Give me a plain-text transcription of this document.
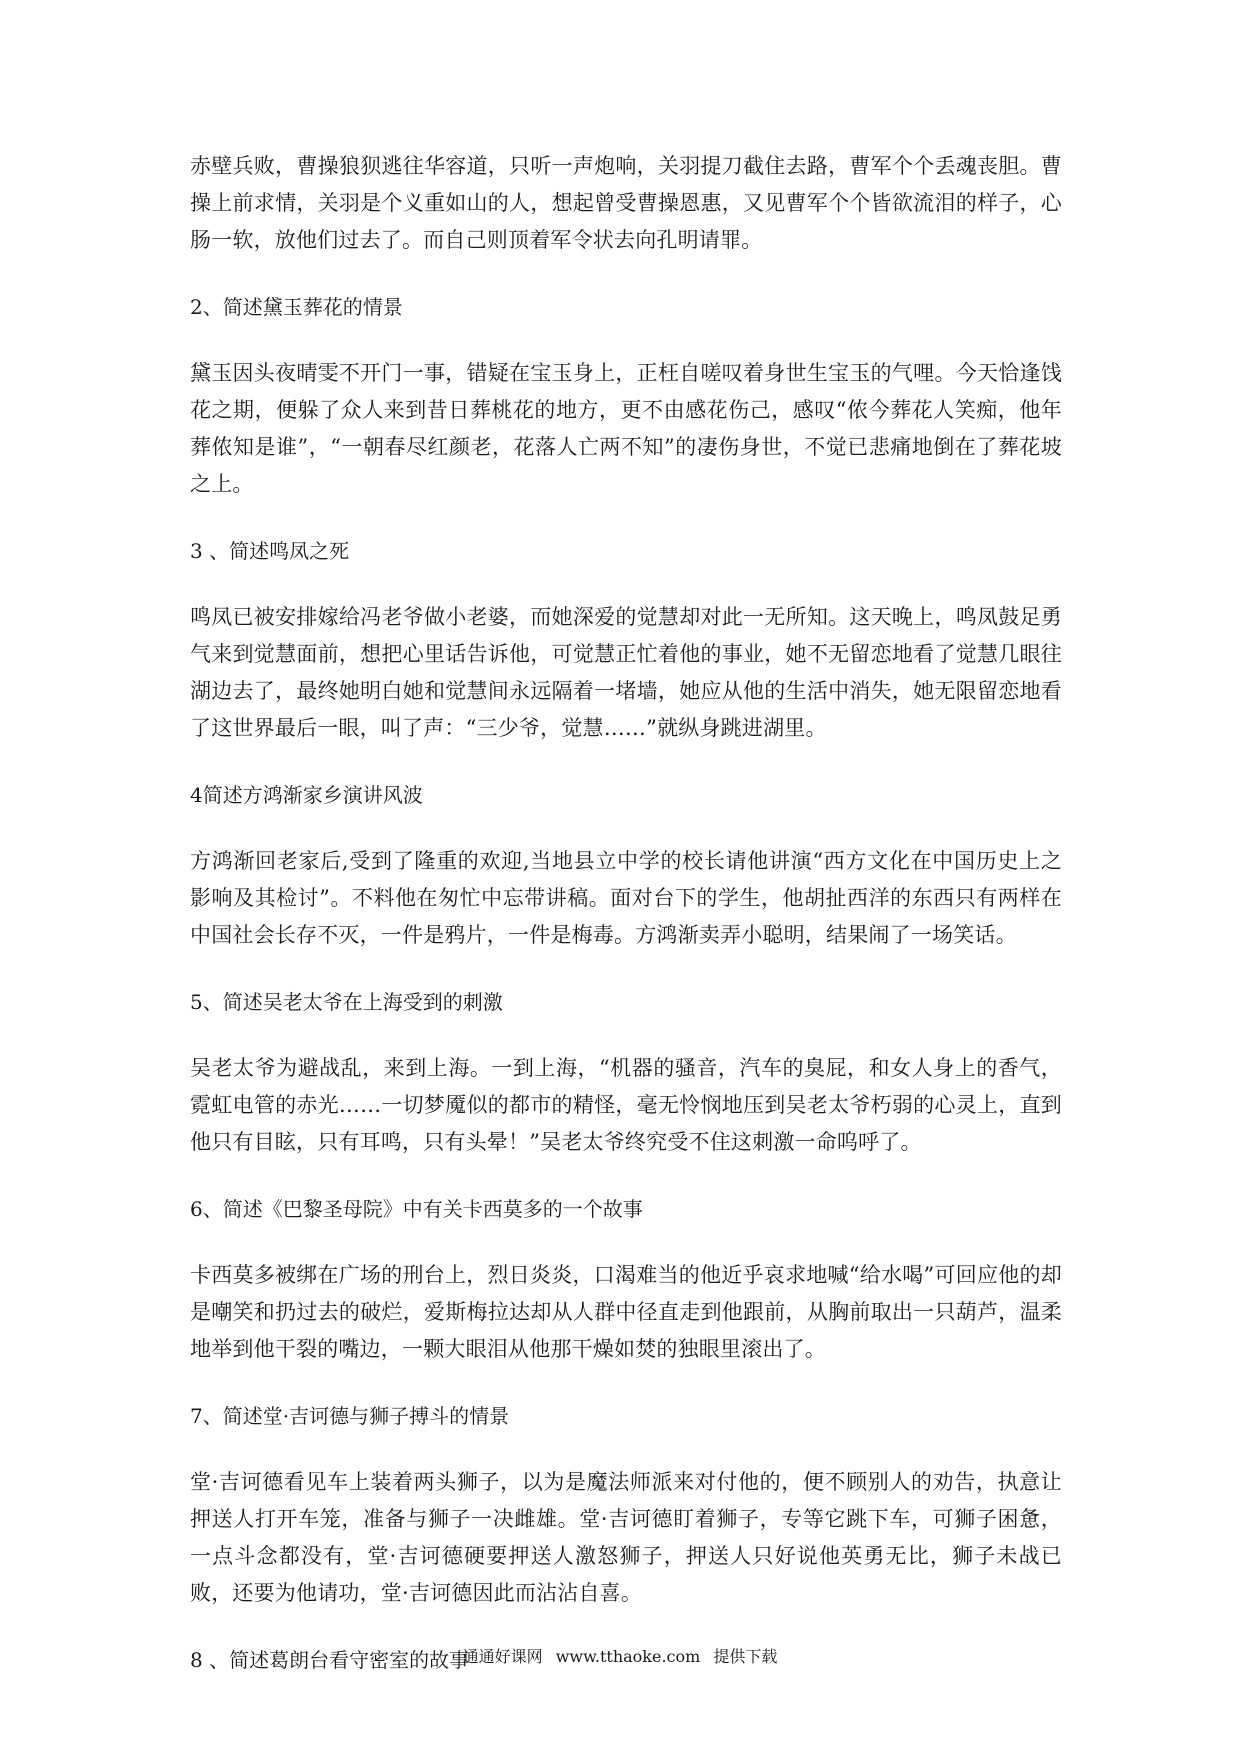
赤壁兵败，曹操狼狈逃往华容道，只听一声炮响，关羽提刀截住去路，曹军个个丢魂丧胆。曹操上前求情，关羽是个义重如山的人，想起曾受曹操恩惠，又见曹军个个皆欲流泪的样子，心肠一软，放他们过去了。而自己则顶着军令状去向孔明请罪。

2、简述黛玉葬花的情景

黛玉因头夜晴雯不开门一事，错疑在宝玉身上，正枉自嗟叹着身世生宝玉的气哩。今天恰逢饯花之期，便躲了众人来到昔日葬桃花的地方，更不由感花伤己，感叹“侬今葬花人笑痴，他年葬侬知是谁”，“一朝春尽红颜老，花落人亡两不知”的凄伤身世，不觉已悲痛地倒在了葬花坡之上。

3 、简述鸣凤之死

鸣凤已被安排嫁给冯老爷做小老婆，而她深爱的觉慧却对此一无所知。这天晚上，鸣凤鼓足勇气来到觉慧面前，想把心里话告诉他，可觉慧正忙着他的事业，她不无留恋地看了觉慧几眼往湖边去了，最终她明白她和觉慧间永远隔着一堵墙，她应从他的生活中消失，她无限留恋地看了这世界最后一眼，叫了声：“三少爷，觉慧……”就纵身跳进湖里。

4简述方鸿渐家乡演讲风波

方鸿渐回老家后,受到了隆重的欢迎,当地县立中学的校长请他讲演“西方文化在中国历史上之影响及其检讨”。不料他在匆忙中忘带讲稿。面对台下的学生，他胡扯西洋的东西只有两样在中国社会长存不灭，一件是鸦片，一件是梅毒。方鸿渐卖弄小聪明，结果闹了一场笑话。

5、简述吴老太爷在上海受到的刺激

吴老太爷为避战乱，来到上海。一到上海，“机器的骚音，汽车的臭屁，和女人身上的香气，霓虹电管的赤光……一切梦魇似的都市的精怪，毫无怜悯地压到吴老太爷朽弱的心灵上，直到他只有目眩，只有耳鸣，只有头晕！”吴老太爷终究受不住这刺激一命呜呼了。

6、简述《巴黎圣母院》中有关卡西莫多的一个故事

卡西莫多被绑在广场的刑台上，烈日炎炎，口渴难当的他近乎哀求地喊“给水喝”可回应他的却是嘲笑和扔过去的破烂，爱斯梅拉达却从人群中径直走到他跟前，从胸前取出一只葫芦，温柔地举到他干裂的嘴边，一颗大眼泪从他那干燥如焚的独眼里滚出了。

7、简述堂·吉诃德与狮子搏斗的情景

堂·吉诃德看见车上装着两头狮子，以为是魔法师派来对付他的，便不顾别人的劝告，执意让押送人打开车笼，准备与狮子一决雌雄。堂·吉诃德盯着狮子，专等它跳下车，可狮子困惫，一点斗念都没有，堂·吉诃德硬要押送人激怒狮子，押送人只好说他英勇无比，狮子未战已败，还要为他请功，堂·吉诃德因此而沾沾自喜。

8 、简述葛朗台看守密室的故事
通通好课网 www.tthaoke.com 提供下载
